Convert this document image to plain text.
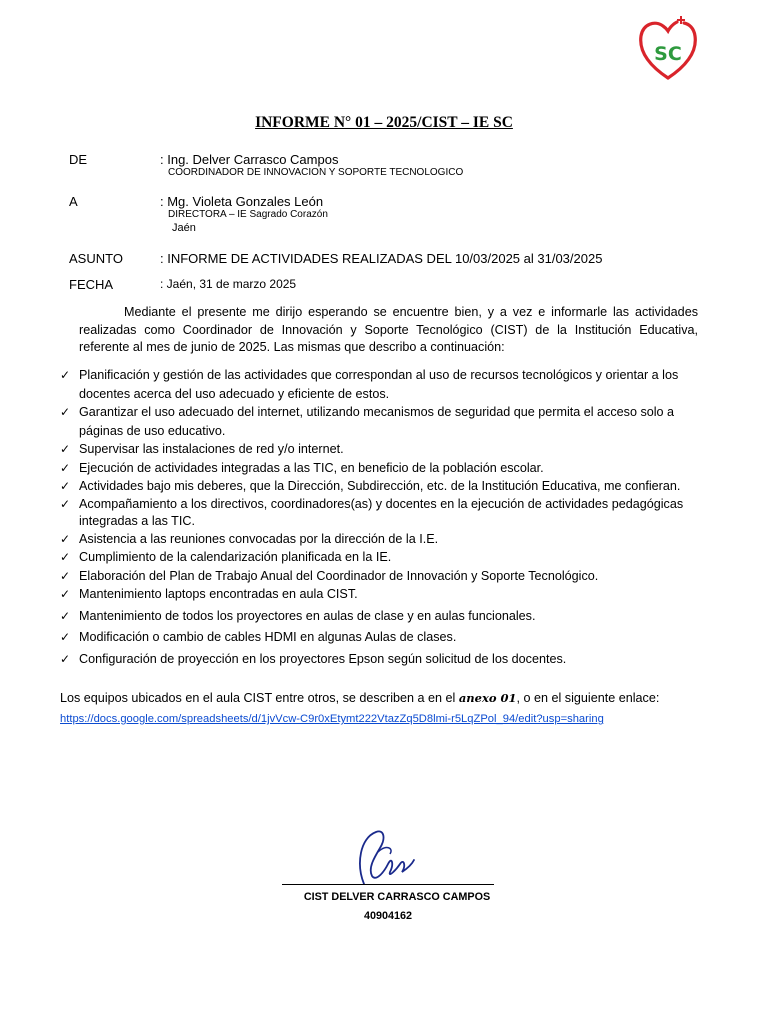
SC
INFORME N° 01 – 2025/CIST – IE SC
DE	: Ing. Delver Carrasco Campos
COORDINADOR DE INNOVACION Y SOPORTE TECNOLOGICO
A	: Mg. Violeta Gonzales León
DIRECTORA – IE Sagrado Corazón
Jaén
ASUNTO	: INFORME DE ACTIVIDADES REALIZADAS DEL 10/03/2025 al 31/03/2025
FECHA	: Jaén, 31 de marzo 2025
Mediante el presente me dirijo esperando se encuentre bien, y a vez e informarle las actividades realizadas como Coordinador de Innovación y Soporte Tecnológico (CIST) de la Institución Educativa, referente al mes de junio de 2025. Las mismas que describo a continuación:
✓ Planificación y gestión de las actividades que correspondan al uso de recursos tecnológicos y orientar a los docentes acerca del uso adecuado y eficiente de estos.
✓ Garantizar el uso adecuado del internet, utilizando mecanismos de seguridad que permita el acceso solo a páginas de uso educativo.
✓ Supervisar las instalaciones de red y/o internet.
✓ Ejecución de actividades integradas a las TIC, en beneficio de la población escolar.
✓ Actividades bajo mis deberes, que la Dirección, Subdirección, etc. de la Institución Educativa, me confieran.
✓ Acompañamiento a los directivos, coordinadores(as) y docentes en la ejecución de actividades pedagógicas integradas a las TIC.
✓ Asistencia a las reuniones convocadas por la dirección de la I.E.
✓ Cumplimiento de la calendarización planificada en la IE.
✓ Elaboración del Plan de Trabajo Anual del Coordinador de Innovación y Soporte Tecnológico.
✓ Mantenimiento laptops encontradas en aula CIST.
✓ Mantenimiento de todos los proyectores en aulas de clase y en aulas funcionales.
✓ Modificación o cambio de cables HDMI en algunas Aulas de clases.
✓ Configuración de proyección en los proyectores Epson según solicitud de los docentes.
Los equipos ubicados en el aula CIST entre otros, se describen a en el anexo 01, o en el siguiente enlace:
https://docs.google.com/spreadsheets/d/1jvVcw-C9r0xEtymt222VtazZq5D8lmi-r5LqZPol_94/edit?usp=sharing
CIST DELVER CARRASCO CAMPOS
40904162
